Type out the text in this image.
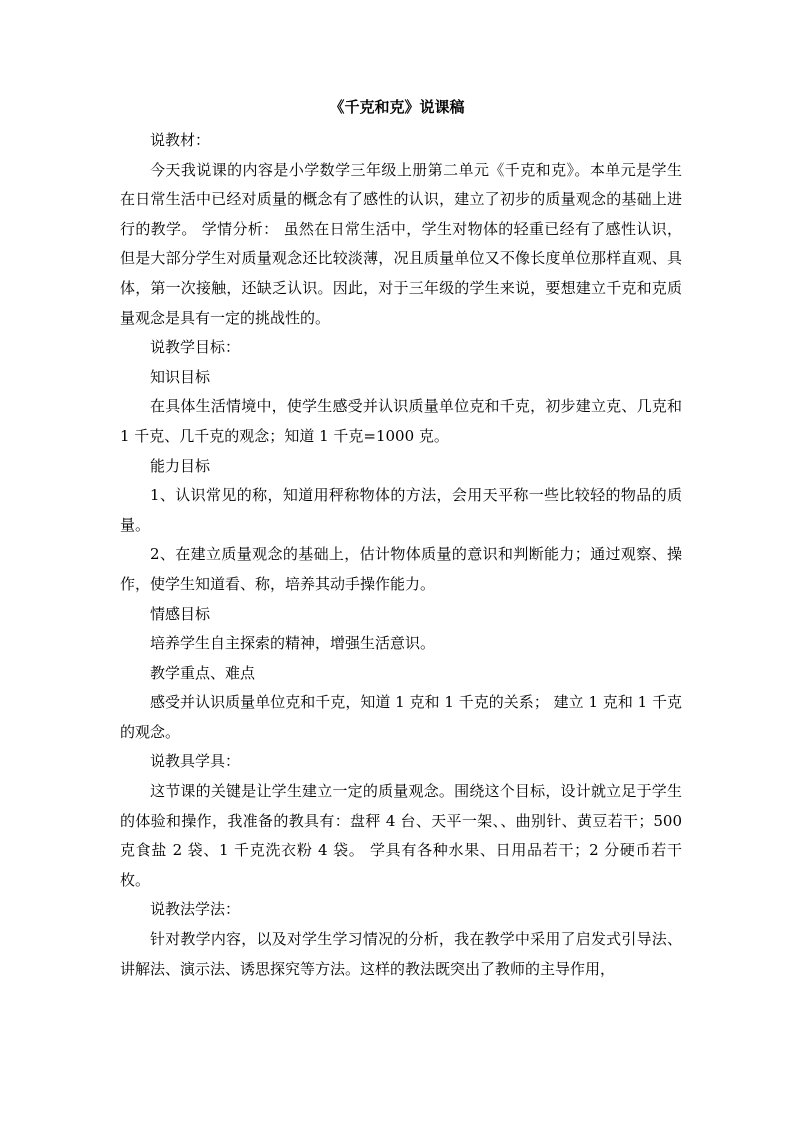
《千克和克》说课稿

说教材：

今天我说课的内容是小学数学三年级上册第二单元《千克和克》。本单元是学生在日常生活中已经对质量的概念有了感性的认识，建立了初步的质量观念的基础上进行的教学。 学情分析： 虽然在日常生活中，学生对物体的轻重已经有了感性认识，但是大部分学生对质量观念还比较淡薄，况且质量单位又不像长度单位那样直观、具体，第一次接触，还缺乏认识。因此，对于三年级的学生来说，要想建立千克和克质量观念是具有一定的挑战性的。

说教学目标：

知识目标

在具体生活情境中，使学生感受并认识质量单位克和千克，初步建立克、几克和 1 千克、几千克的观念；知道 1 千克=1000 克。

能力目标

1、认识常见的称，知道用秤称物体的方法，会用天平称一些比较轻的物品的质量。

2、在建立质量观念的基础上，估计物体质量的意识和判断能力；通过观察、操作，使学生知道看、称，培养其动手操作能力。

情感目标

培养学生自主探索的精神，增强生活意识。

教学重点、难点

感受并认识质量单位克和千克，知道 1 克和 1 千克的关系； 建立 1 克和 1 千克的观念。

说教具学具：

这节课的关键是让学生建立一定的质量观念。围绕这个目标，设计就立足于学生的体验和操作，我准备的教具有：盘秤 4 台、天平一架、、曲别针、黄豆若干；500 克食盐 2 袋、1 千克洗衣粉 4 袋。 学具有各种水果、日用品若干；2 分硬币若干枚。

说教法学法：

针对教学内容，以及对学生学习情况的分析，我在教学中采用了启发式引导法、讲解法、演示法、诱思探究等方法。这样的教法既突出了教师的主导作用，
